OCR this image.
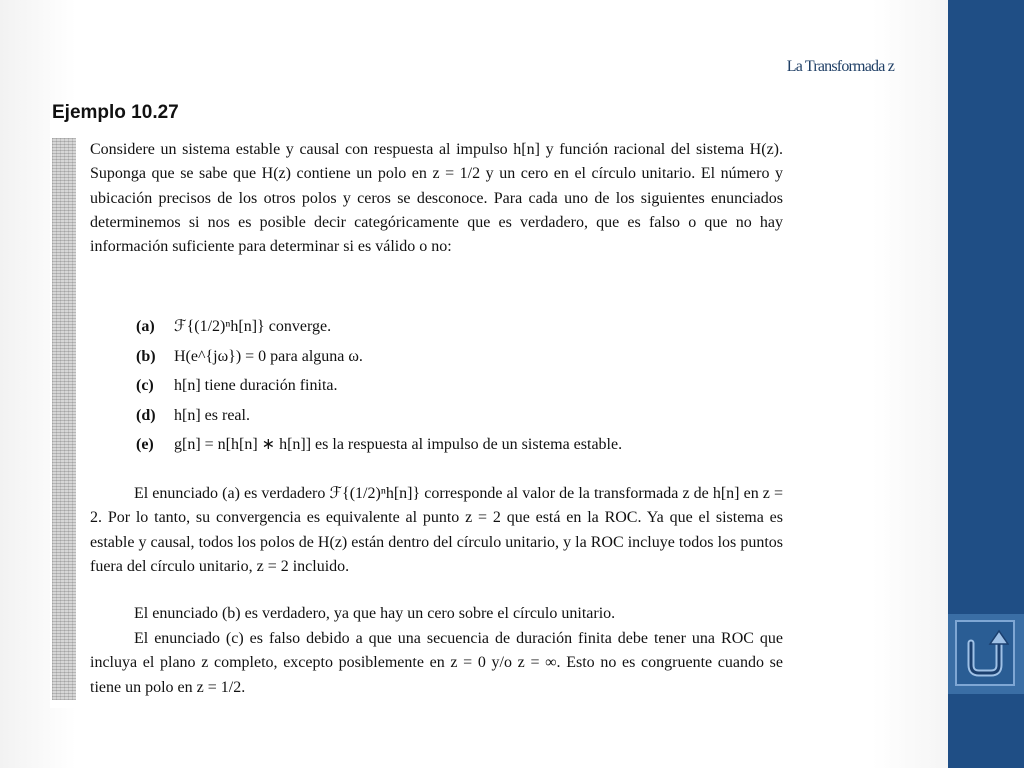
La Transformada z
Ejemplo 10.27

Considere un sistema estable y causal con respuesta al impulso h[n] y función racional del sistema H(z). Suponga que se sabe que H(z) contiene un polo en z = 1/2 y un cero en el círculo unitario. El número y ubicación precisos de los otros polos y ceros se desconoce. Para cada uno de los siguientes enunciados determinemos si nos es posible decir categóricamente que es verdadero, que es falso o que no hay información suficiente para determinar si es válido o no:

(a) ℱ{(1/2)ⁿh[n]} converge.
(b) H(e^{jω}) = 0 para alguna ω.
(c) h[n] tiene duración finita.
(d) h[n] es real.
(e) g[n] = n[h[n] ∗ h[n]] es la respuesta al impulso de un sistema estable.

El enunciado (a) es verdadero ℱ{(1/2)ⁿh[n]} corresponde al valor de la transformada z de h[n] en z = 2. Por lo tanto, su convergencia es equivalente al punto z = 2 que está en la ROC. Ya que el sistema es estable y causal, todos los polos de H(z) están dentro del círculo unitario, y la ROC incluye todos los puntos fuera del círculo unitario, z = 2 incluido.

El enunciado (b) es verdadero, ya que hay un cero sobre el círculo unitario.

El enunciado (c) es falso debido a que una secuencia de duración finita debe tener una ROC que incluya el plano z completo, excepto posiblemente en z = 0 y/o z = ∞. Esto no es congruente cuando se tiene un polo en z = 1/2.
